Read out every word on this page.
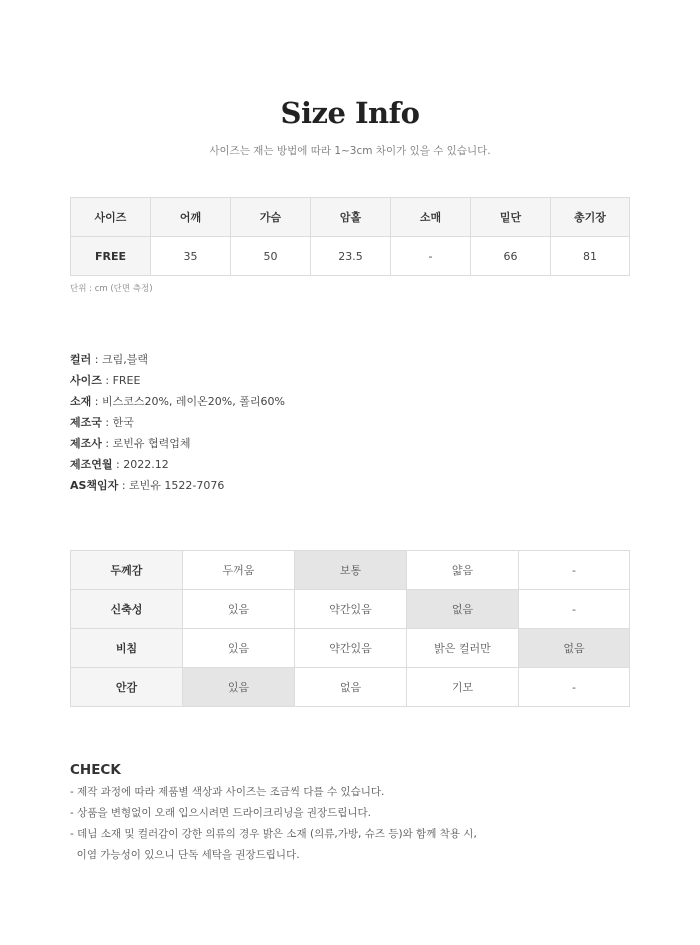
Size Info
사이즈는 재는 방법에 따라 1~3cm 차이가 있을 수 있습니다.
사이즈	어깨	가슴	암홀	소매	밑단	총기장
FREE	35	50	23.5	-	66	81
단위 : cm (단면 측정)
컬러 : 크림,블랙
사이즈 : FREE
소재 : 비스코스20%, 레이온20%, 폴리60%
제조국 : 한국
제조사 : 로빈유 협력업체
제조연월 : 2022.12
AS책임자 : 로빈유 1522-7076
두께감	두꺼움	보통	얇음	-
신축성	있음	약간있음	없음	-
비침	있음	약간있음	밝은 컬러만	없음
안감	있음	없음	기모	-
CHECK
- 제작 과정에 따라 제품별 색상과 사이즈는 조금씩 다를 수 있습니다.
- 상품을 변형없이 오래 입으시려면 드라이크리닝을 권장드립니다.
- 데님 소재 및 컬러감이 강한 의류의 경우 밝은 소재 (의류,가방, 슈즈 등)와 함께 착용 시,
이염 가능성이 있으니 단독 세탁을 권장드립니다.
